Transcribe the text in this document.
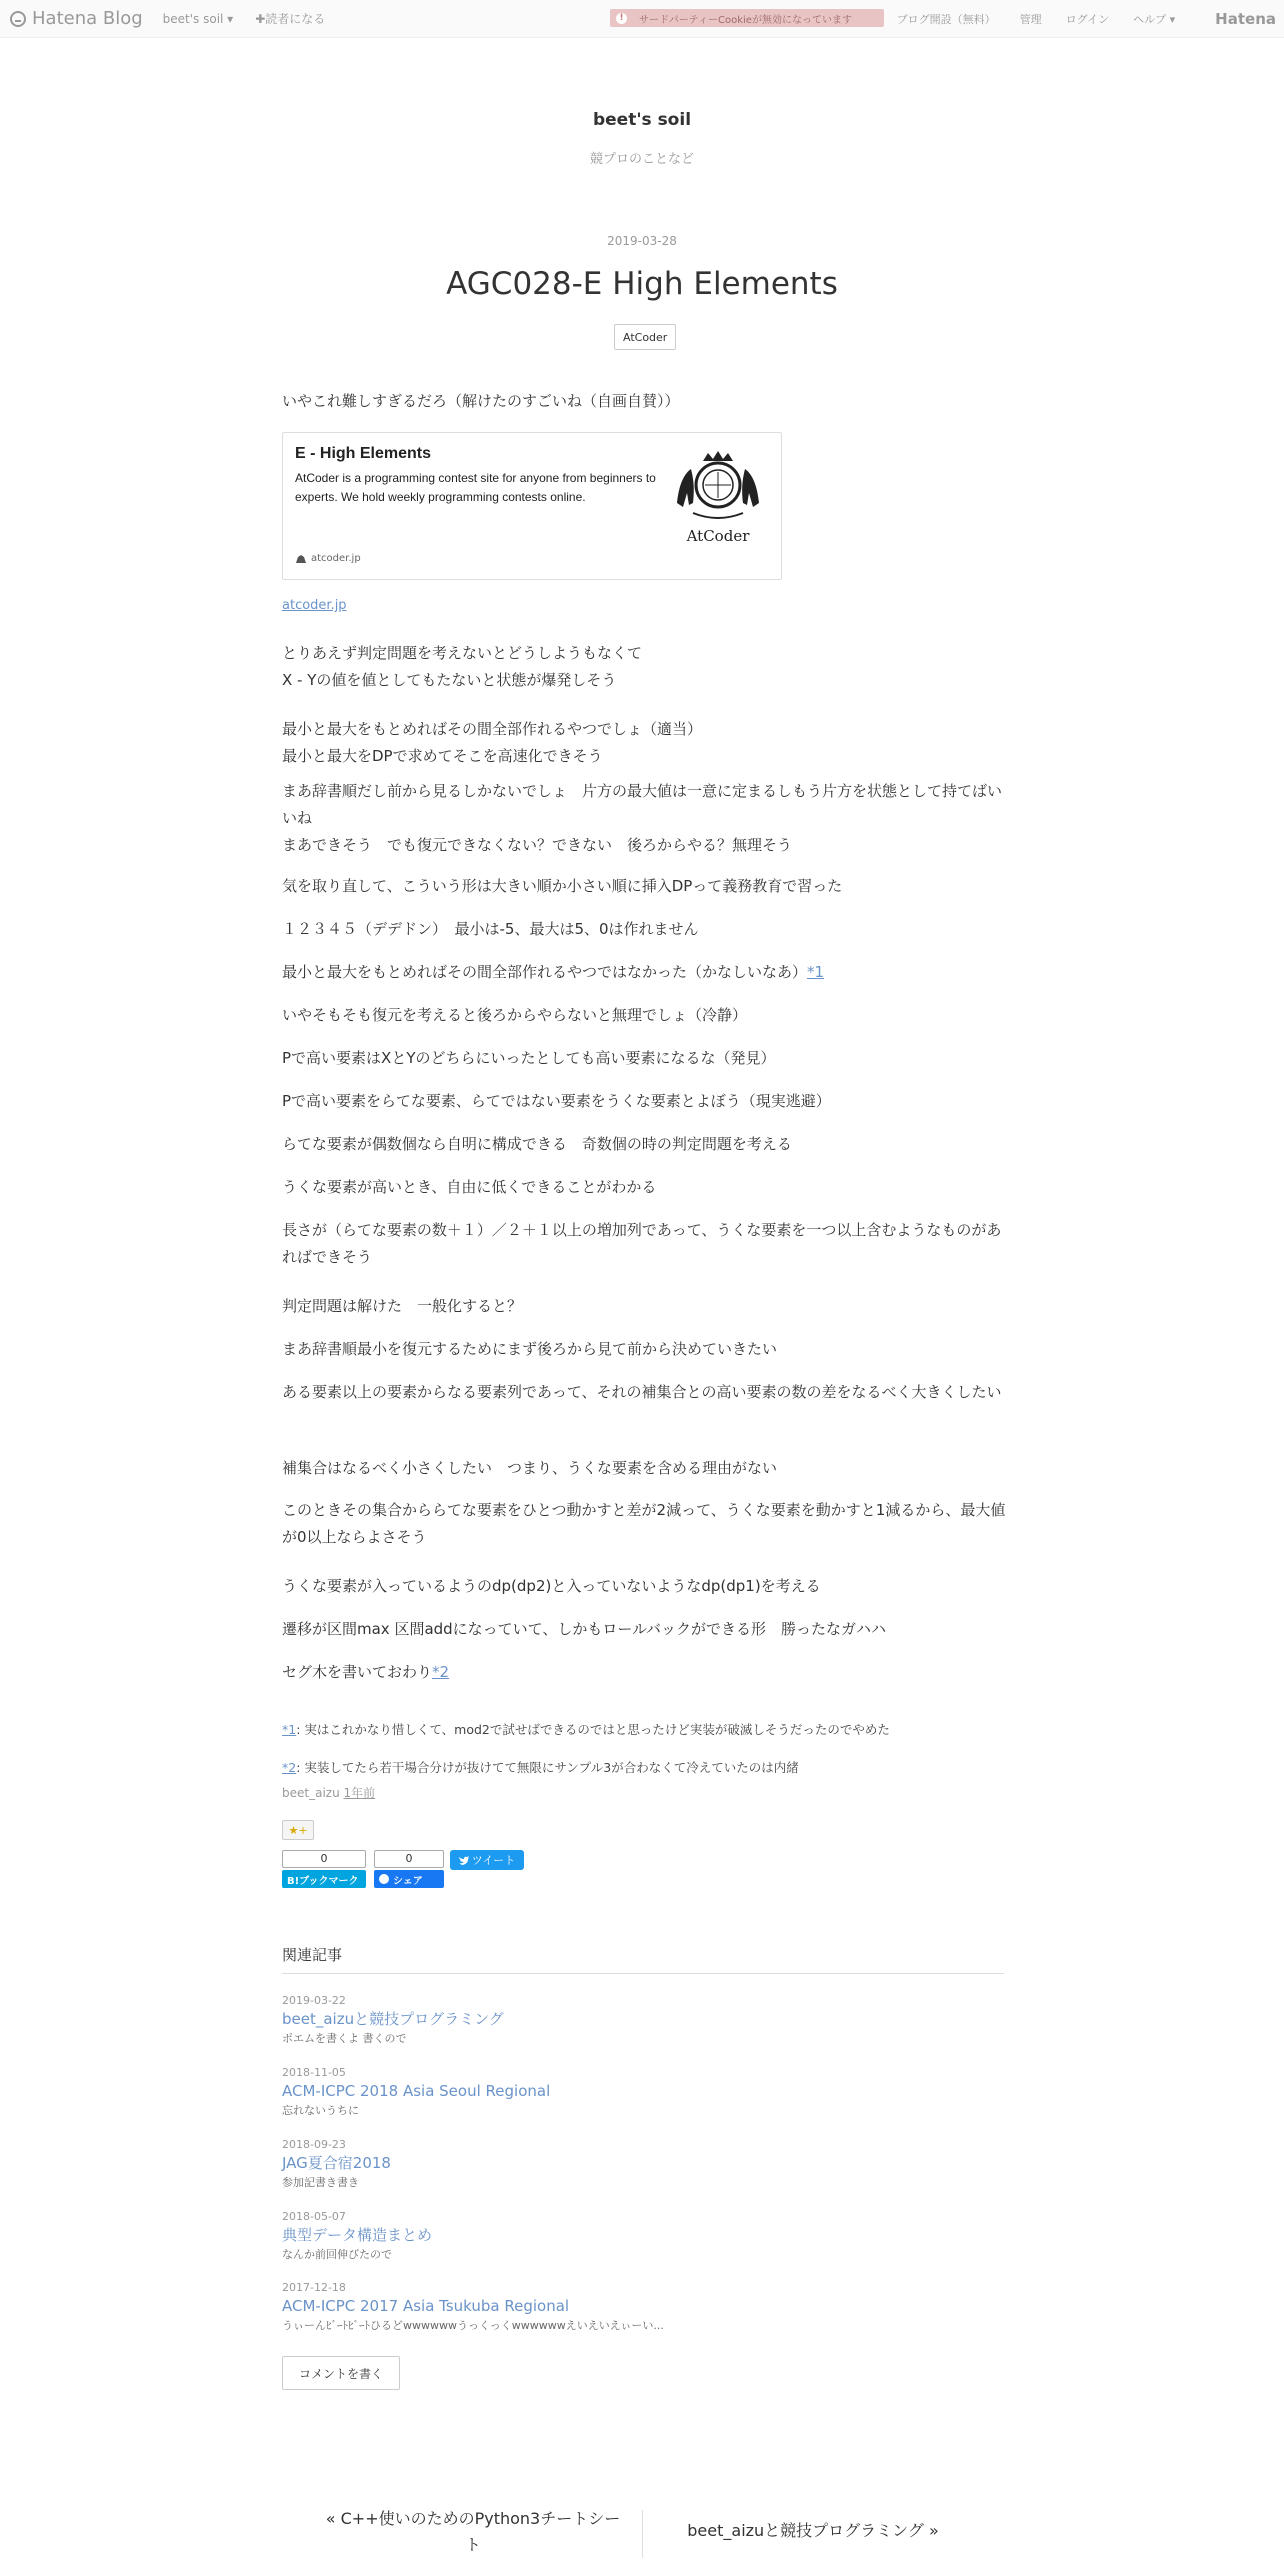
Hatena Blog beet's soil ▾ ✚読者になる	!	サードパーティーCookieが無効になっています	ブログ開設（無料） 管理 ログイン ヘルプ ▾	Hatena
beet's soil
競プロのことなど
2019-03-28
AGC028-E High Elements
AtCoder

いやこれ難しすぎるだろ（解けたのすごいね（自画自賛））

E - High Elements
AtCoder is a programming contest site for anyone from beginners to experts. We hold weekly programming contests online.
AtCoder
atcoder.jp
atcoder.jp
とりあえず判定問題を考えないとどうしようもなくて
X - Yの値を値としてもたないと状態が爆発しそう
最小と最大をもとめればその間全部作れるやつでしょ（適当）
最小と最大をDPで求めてそこを高速化できそう
まあ辞書順だし前から見るしかないでしょ　片方の最大値は一意に定まるしもう片方を状態として持てばいいね
まあできそう　でも復元できなくない？できない　後ろからやる？無理そう
気を取り直して、こういう形は大きい順か小さい順に挿入DPって義務教育で習った
１２３４５（デデドン）　最小は-5、最大は5、0は作れません
最小と最大をもとめればその間全部作れるやつではなかった（かなしいなあ）*1
いやそもそも復元を考えると後ろからやらないと無理でしょ（冷静）
Pで高い要素はXとYのどちらにいったとしても高い要素になるな（発見）
Pで高い要素をらてな要素、らてではない要素をうくな要素とよぼう（現実逃避）
らてな要素が偶数個なら自明に構成できる　奇数個の時の判定問題を考える
うくな要素が高いとき、自由に低くできることがわかる
長さが（らてな要素の数＋１）／２＋１以上の増加列であって、うくな要素を一つ以上含むようなものがあればできそう
判定問題は解けた　一般化すると？
まあ辞書順最小を復元するためにまず後ろから見て前から決めていきたい
ある要素以上の要素からなる要素列であって、それの補集合との高い要素の数の差をなるべく大きくしたい
補集合はなるべく小さくしたい　つまり、うくな要素を含める理由がない
このときその集合かららてな要素をひとつ動かすと差が2減って、うくな要素を動かすと1減るから、最大値が0以上ならよさそう
うくな要素が入っているようのdp(dp2)と入っていないようなdp(dp1)を考える
遷移が区間max 区間addになっていて、しかもロールバックができる形　勝ったなガハハ
セグ木を書いておわり*2
*1 : 実はこれかなり惜しくて、mod2で試せばできるのではと思ったけど実装が破滅しそうだったのでやめた
*2 : 実装してたら若干場合分けが抜けてて無限にサンプル3が合わなくて冷えていたのは内緒
beet_aizu 1年前
★+
0
B!ブックマーク
0
シェア
ツイート
関連記事
2019-03-22
beet_aizuと競技プログラミング
ポエムを書くよ 書くので
2018-11-05
ACM-ICPC 2018 Asia Seoul Regional
忘れないうちに
2018-09-23
JAG夏合宿2018
参加記書き書き
2018-05-07
典型データ構造まとめ
なんか前回伸びたので
2017-12-18
ACM-ICPC 2017 Asia Tsukuba Regional
うぃーんﾋﾞｰﾄﾋﾞｰﾄひるどwwwwwwうっくっくwwwwwwえいえいえぃーい...
コメントを書く
« C++使いのためのPython3チートシート
beet_aizuと競技プログラミング »
